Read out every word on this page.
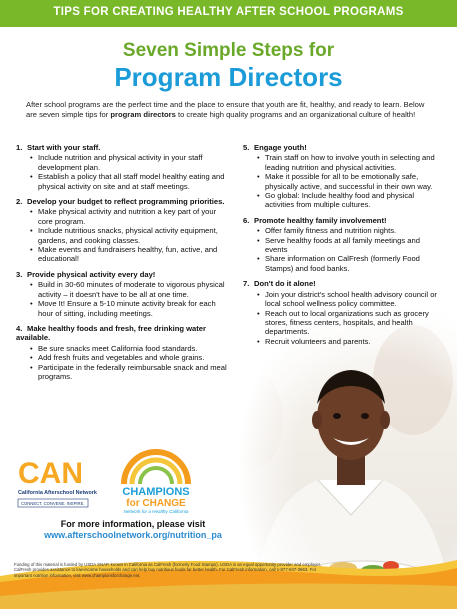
TIPS FOR CREATING HEALTHY AFTER SCHOOL PROGRAMS
Seven Simple Steps for
Program Directors
After school programs are the perfect time and the place to ensure that youth are fit, healthy, and ready to learn. Below are seven simple tips for program directors to create high quality programs and an organizational culture of health!
1. Start with your staff.
• Include nutrition and physical activity in your staff development plan.
• Establish a policy that all staff model healthy eating and physical activity on site and at staff meetings.
2. Develop your budget to reflect programming priorities.
• Make physical activity and nutrition a key part of your core program.
• Include nutritious snacks, physical activity equipment, gardens, and cooking classes.
• Make events and fundraisers healthy, fun, active, and educational!
3. Provide physical activity every day!
• Build in 30-60 minutes of moderate to vigorous physical activity – it doesn't have to be all at one time.
• Move It! Ensure a 5-10 minute activity break for each hour of sitting, including meetings.
4. Make healthy foods and fresh, free drinking water available.
• Be sure snacks meet California food standards.
• Add fresh fruits and vegetables and whole grains.
• Participate in the federally reimbursable snack and meal programs.
5. Engage youth!
• Train staff on how to involve youth in selecting and leading nutrition and physical activities.
• Make it possible for all to be emotionally safe, physically active, and successful in their own way.
• Go global: Include healthy food and physical activities from multiple cultures.
6. Promote healthy family involvement!
• Offer family fitness and nutrition nights.
• Serve healthy foods at all family meetings and events
• Share information on CalFresh (formerly Food Stamps) and food banks.
7. Don't do it alone!
• Join your district's school health advisory council or local school wellness policy committee.
• Reach out to local organizations such as grocery stores, fitness centers, hospitals, and health departments.
• Recruit volunteers and parents.
CAN
California Afterschool Network
CONNECT. CONVENE. INSPIRE.
CHAMPIONS
for CHANGE
Network for a Healthy California
For more information, please visit
www.afterschoolnetwork.org/nutrition_pa
Funding of this material is funded by USDA SNAP, known in California as CalFresh (formerly Food Stamps). USDA is an equal opportunity provider and employer. CalFresh provides assistance to low-income households and can help buy nutritious foods for better health. For CalFresh information, call 1-877-847-3663. For important nutrition information, visit www.championsforchange.net.
